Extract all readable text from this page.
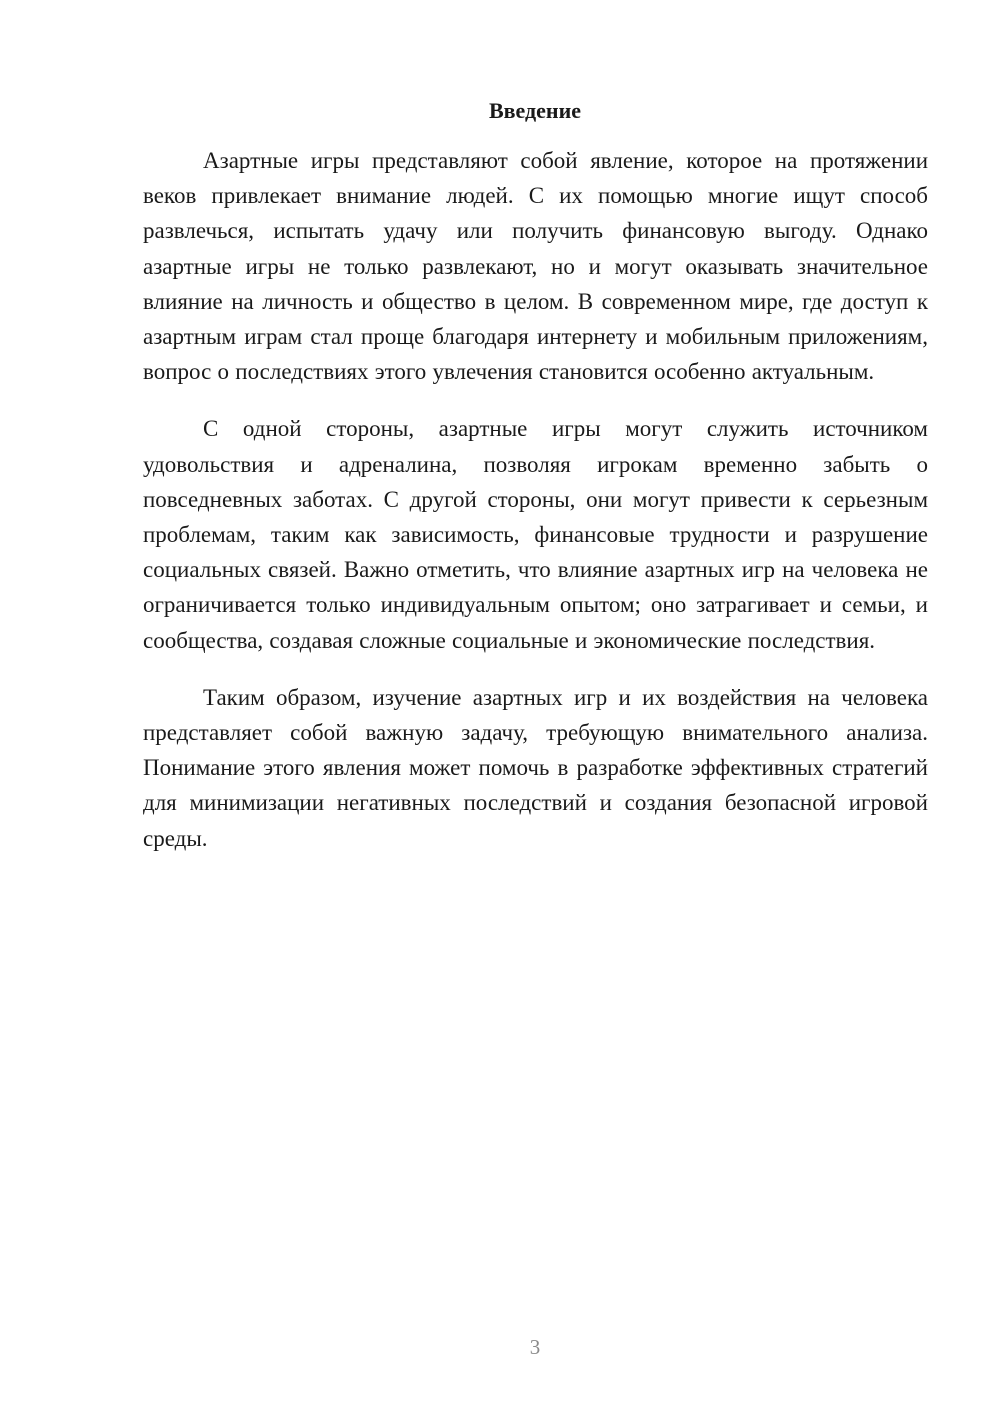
Введение

Азартные игры представляют собой явление, которое на протяжении веков привлекает внимание людей. С их помощью многие ищут способ развлечься, испытать удачу или получить финансовую выгоду. Однако азартные игры не только развлекают, но и могут оказывать значительное влияние на личность и общество в целом. В современном мире, где доступ к азартным играм стал проще благодаря интернету и мобильным приложениям, вопрос о последствиях этого увлечения становится особенно актуальным.

С одной стороны, азартные игры могут служить источником удовольствия и адреналина, позволяя игрокам временно забыть о повседневных заботах. С другой стороны, они могут привести к серьезным проблемам, таким как зависимость, финансовые трудности и разрушение социальных связей. Важно отметить, что влияние азартных игр на человека не ограничивается только индивидуальным опытом; оно затрагивает и семьи, и сообщества, создавая сложные социальные и экономические последствия.

Таким образом, изучение азартных игр и их воздействия на человека представляет собой важную задачу, требующую внимательного анализа. Понимание этого явления может помочь в разработке эффективных стратегий для минимизации негативных последствий и создания безопасной игровой среды.

3
